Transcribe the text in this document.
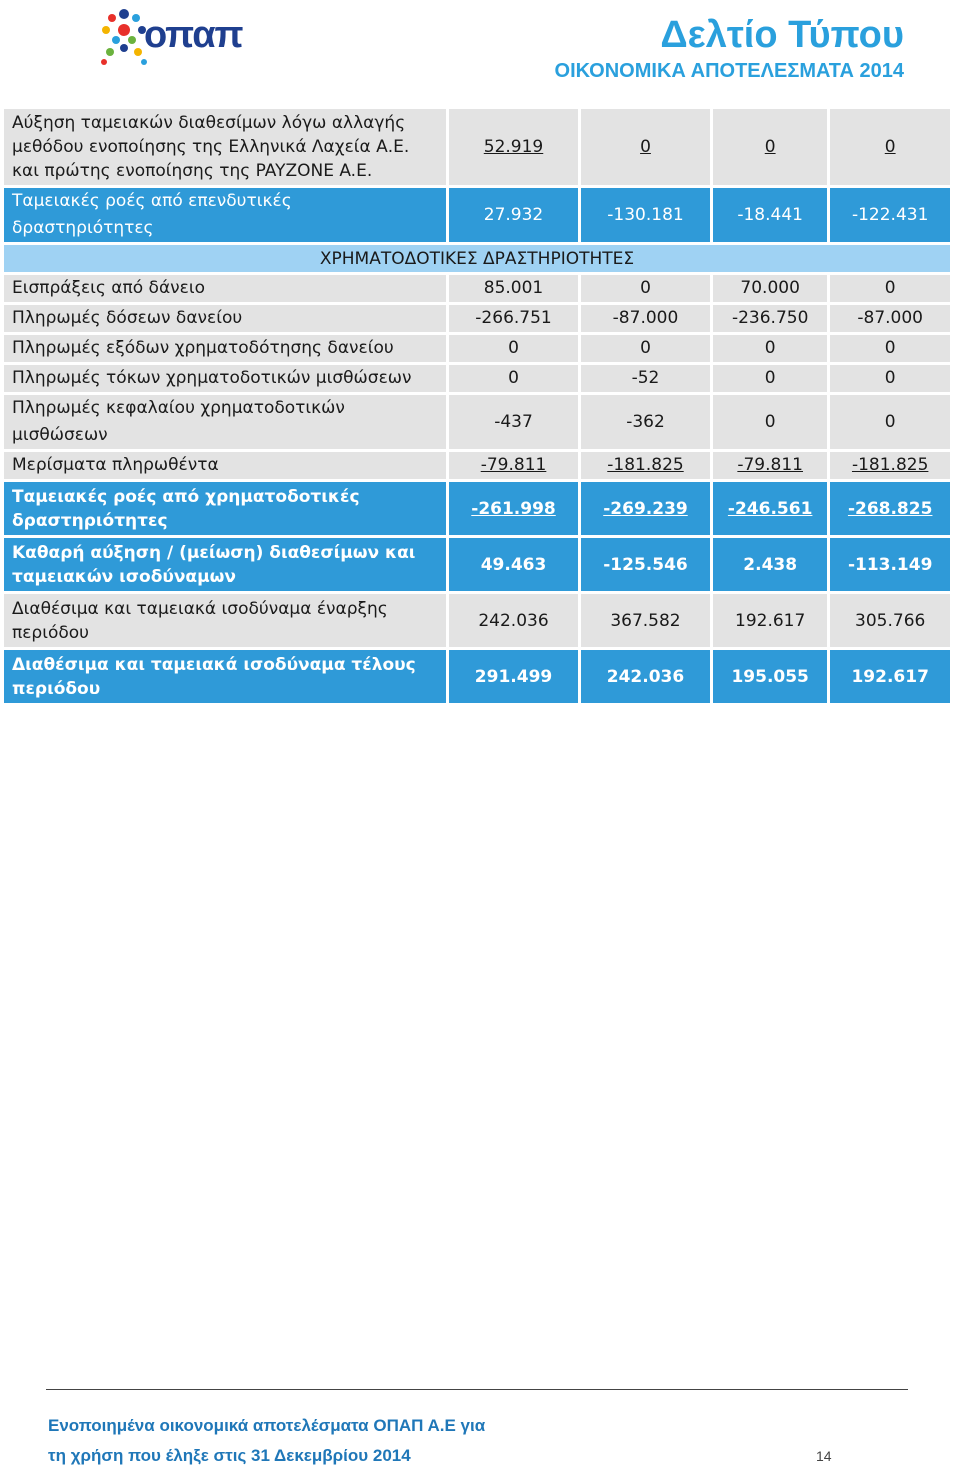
οπαπ	Δελτίο Τύπου
ΟΙΚΟΝΟΜΙΚΑ ΑΠΟΤΕΛΕΣΜΑΤΑ 2014
Αύξηση ταμειακών διαθεσίμων λόγω αλλαγής μεθόδου ενοποίησης της Ελληνικά Λαχεία Α.Ε. και πρώτης ενοποίησης της PAYZONE A.E.	52.919	0	0	0
Ταμειακές ροές από επενδυτικές δραστηριότητες	27.932	-130.181	-18.441	-122.431
ΧΡΗΜΑΤΟΔΟΤΙΚΕΣ ΔΡΑΣΤΗΡΙΟΤΗΤΕΣ				
Εισπράξεις από δάνειο	85.001	0	70.000	0
Πληρωμές δόσεων δανείου	-266.751	-87.000	-236.750	-87.000
Πληρωμές εξόδων χρηματοδότησης δανείου	0	0	0	0
Πληρωμές τόκων χρηματοδοτικών μισθώσεων	0	-52	0	0
Πληρωμές κεφαλαίου χρηματοδοτικών μισθώσεων	-437	-362	0	0
Μερίσματα πληρωθέντα	-79.811	-181.825	-79.811	-181.825
Ταμειακές ροές από χρηματοδοτικές δραστηριότητες	-261.998	-269.239	-246.561	-268.825
Καθαρή αύξηση / (μείωση) διαθεσίμων και ταμειακών ισοδύναμων	49.463	-125.546	2.438	-113.149
Διαθέσιμα και ταμειακά ισοδύναμα έναρξης περιόδου	242.036	367.582	192.617	305.766
Διαθέσιμα και ταμειακά ισοδύναμα τέλους περιόδου	291.499	242.036	195.055	192.617
Ενοποιημένα οικονομικά αποτελέσματα ΟΠΑΠ Α.Ε για
τη χρήση που έληξε στις 31 Δεκεμβρίου 2014	14
